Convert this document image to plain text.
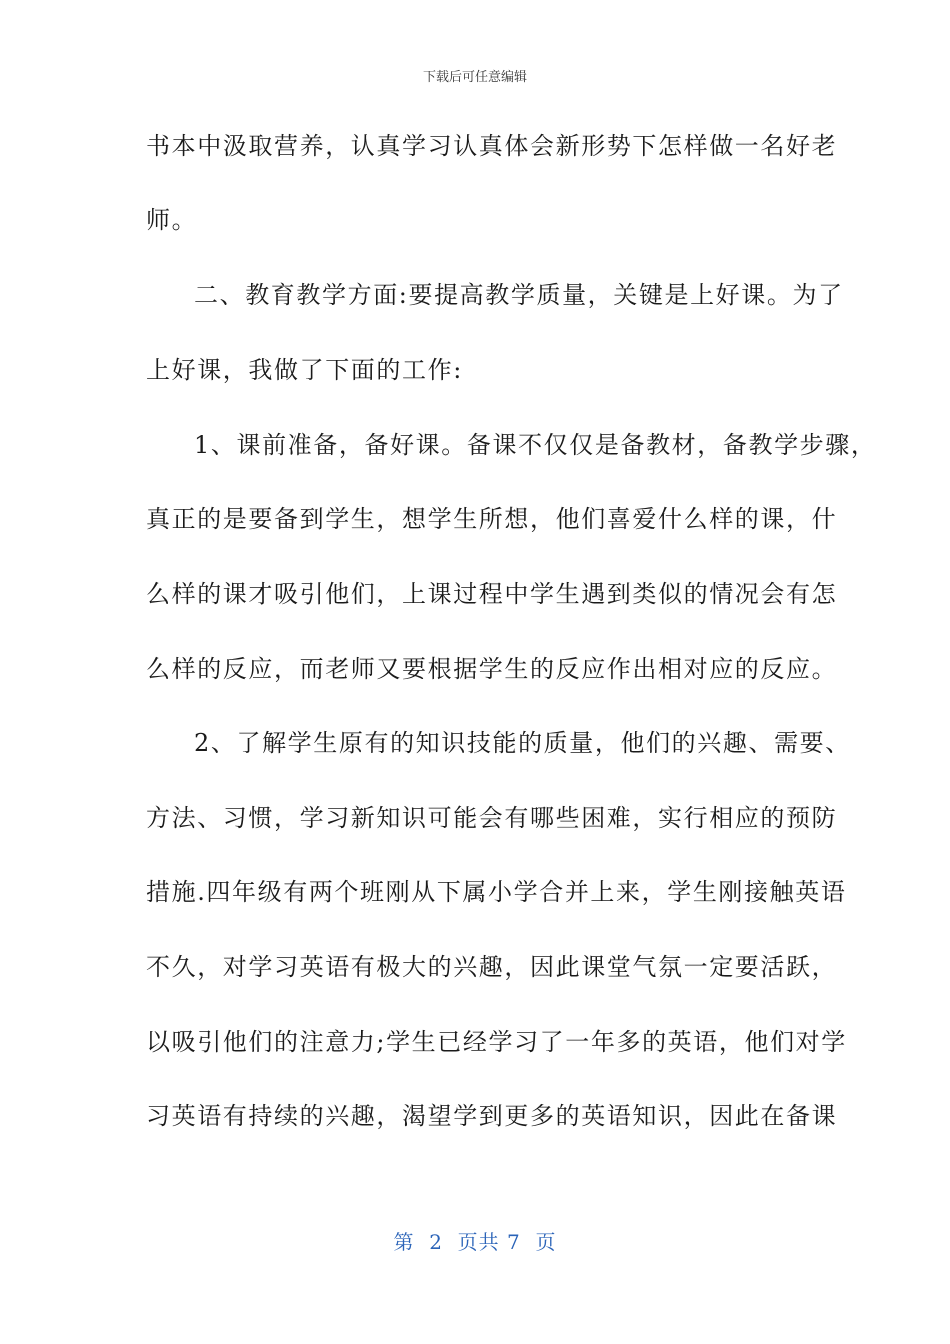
下载后可任意编辑
书本中汲取营养，认真学习认真体会新形势下怎样做一名好老
师。
二、教育教学方面:要提高教学质量，关键是上好课。为了
上好课，我做了下面的工作:
1、课前准备，备好课。备课不仅仅是备教材，备教学步骤，
真正的是要备到学生，想学生所想，他们喜爱什么样的课，什
么样的课才吸引他们，上课过程中学生遇到类似的情况会有怎
么样的反应，而老师又要根据学生的反应作出相对应的反应。
2、了解学生原有的知识技能的质量，他们的兴趣、需要、
方法、习惯，学习新知识可能会有哪些困难，实行相应的预防
措施.四年级有两个班刚从下属小学合并上来，学生刚接触英语
不久，对学习英语有极大的兴趣，因此课堂气氛一定要活跃，
以吸引他们的注意力;学生已经学习了一年多的英语，他们对学
习英语有持续的兴趣，渴望学到更多的英语知识，因此在备课
第  2  页共 7  页
